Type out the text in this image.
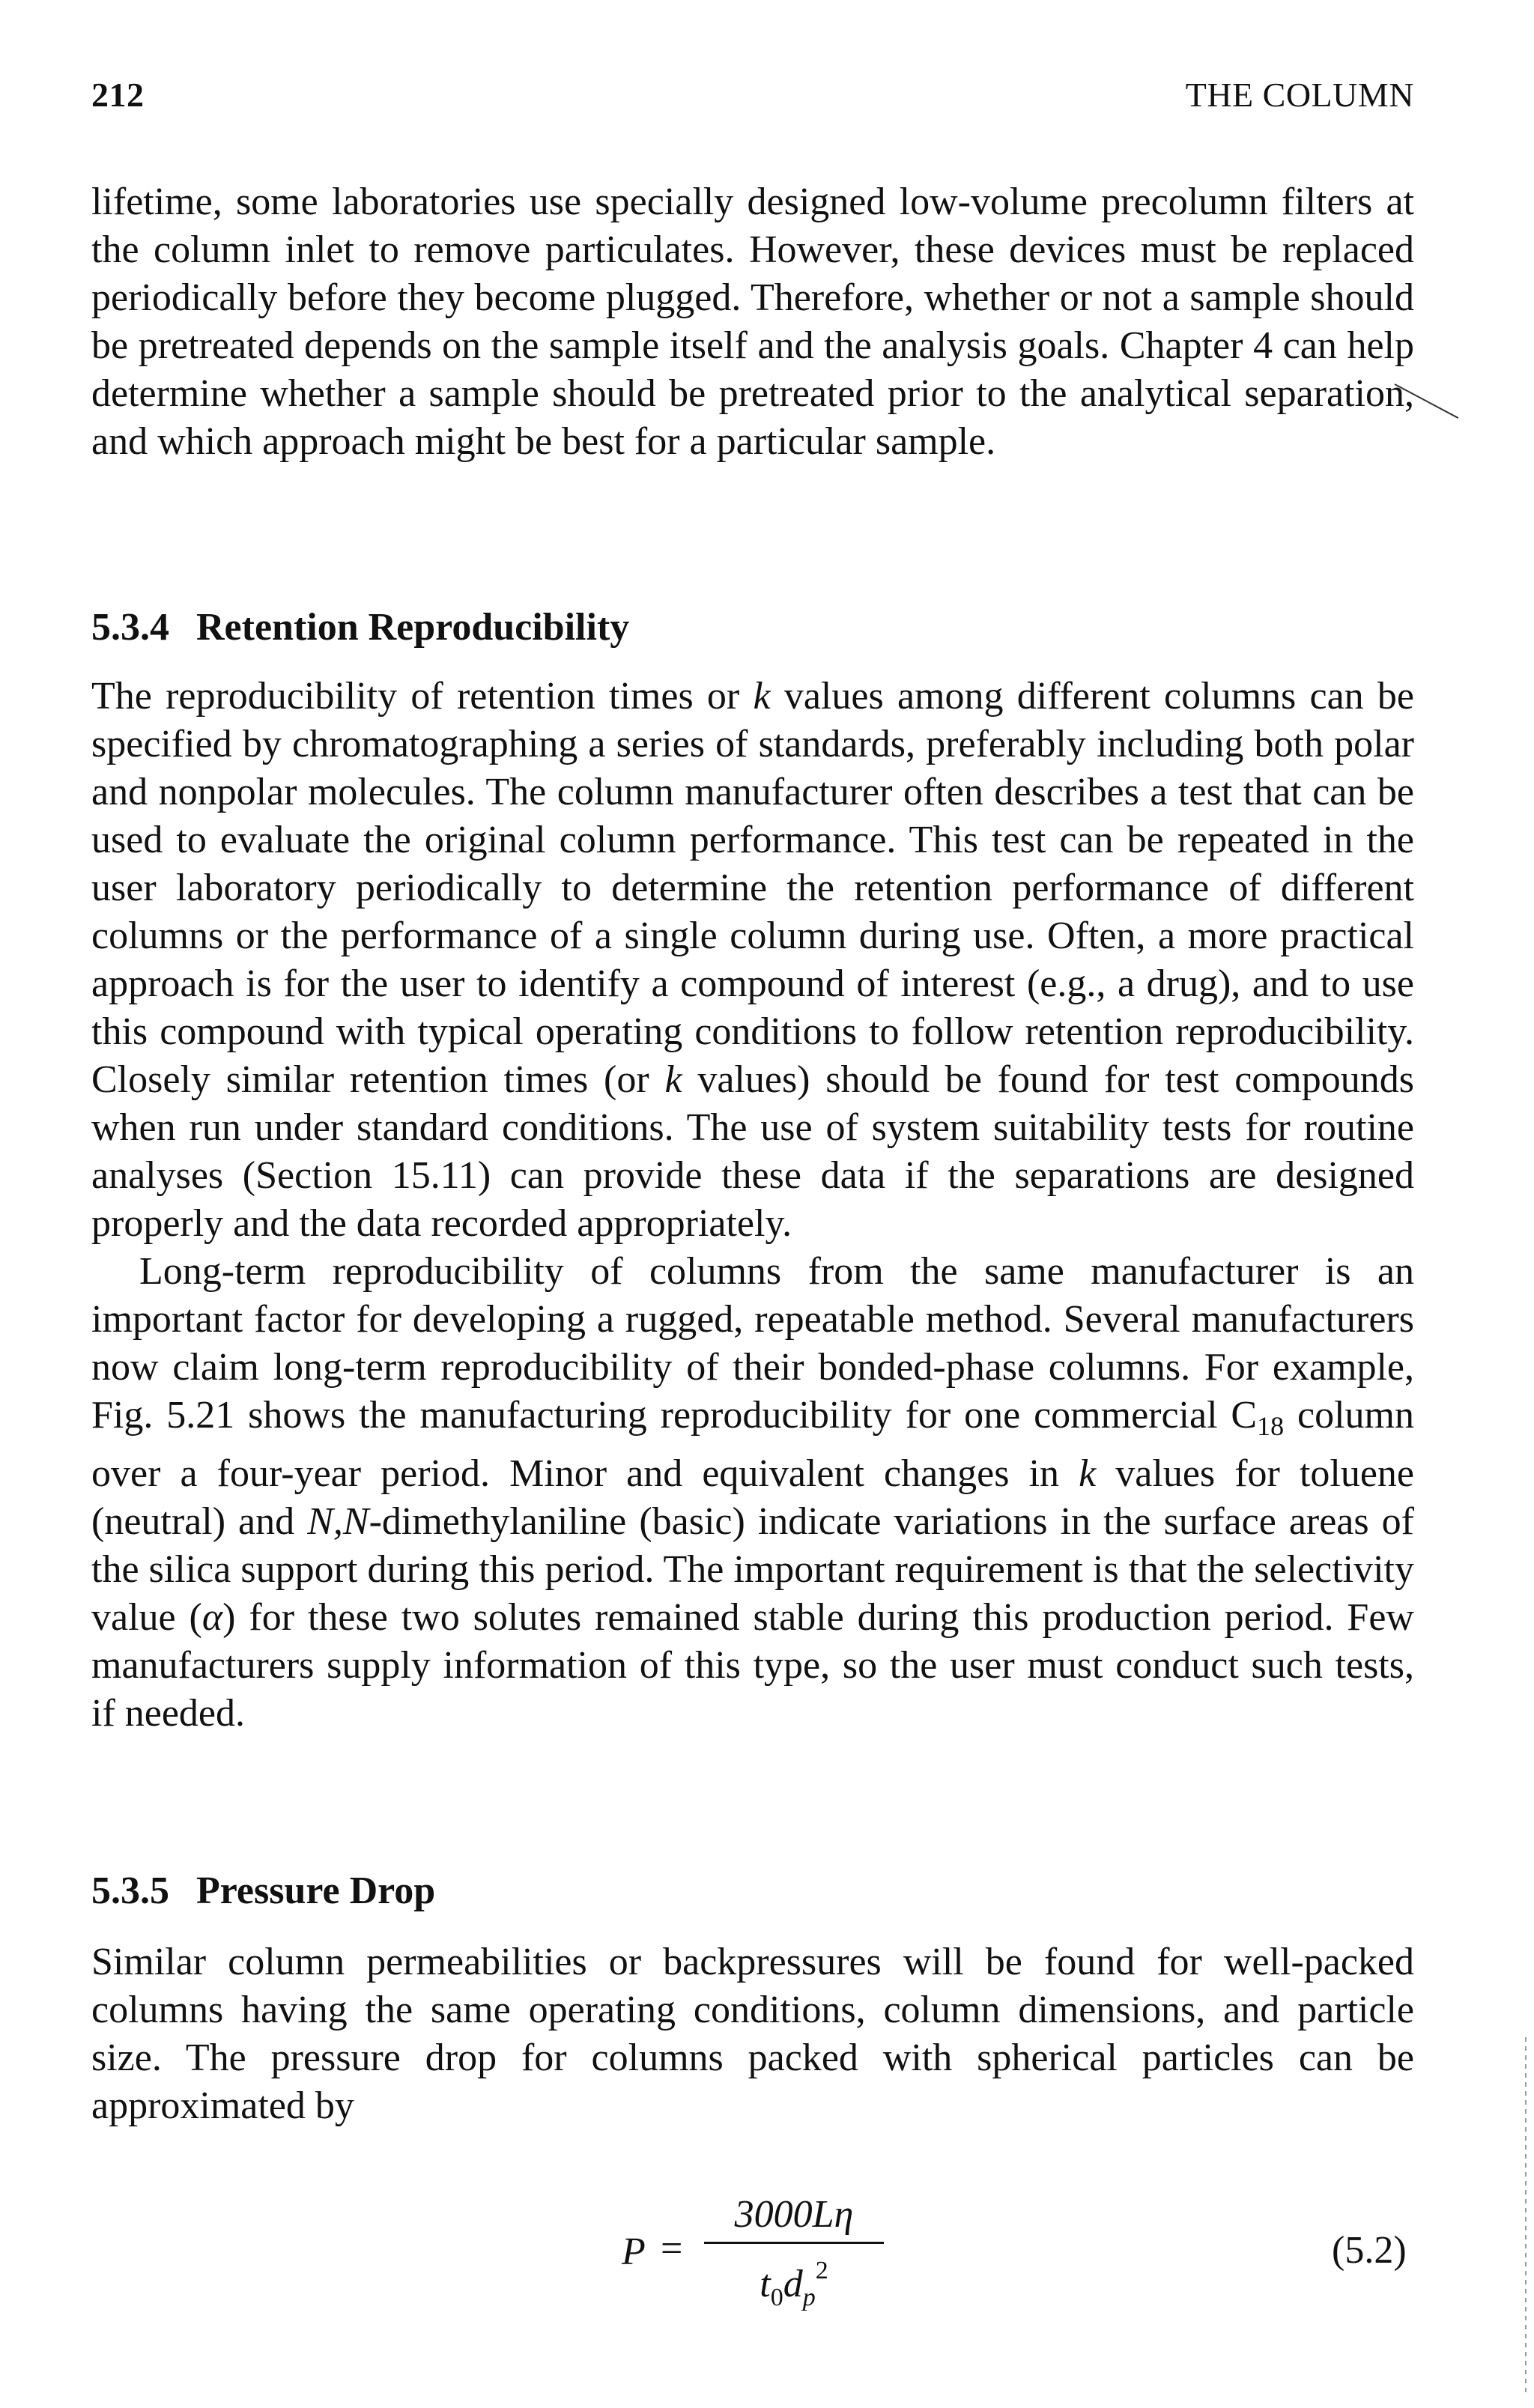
212	THE COLUMN

lifetime, some laboratories use specially designed low-volume precolumn filters at the column inlet to remove particulates. However, these devices must be replaced periodically before they become plugged. Therefore, whether or not a sample should be pretreated depends on the sample itself and the analysis goals. Chapter 4 can help determine whether a sample should be pretreated prior to the analytical separation, and which approach might be best for a particular sample.

5.3.4 Retention Reproducibility

The reproducibility of retention times or k values among different columns can be specified by chromatographing a series of standards, preferably including both polar and nonpolar molecules. The column manufacturer often describes a test that can be used to evaluate the original column performance. This test can be repeated in the user laboratory periodically to determine the retention performance of different columns or the performance of a single column during use. Often, a more practical approach is for the user to identify a compound of interest (e.g., a drug), and to use this compound with typical operating conditions to follow retention reproducibility. Closely similar retention times (or k values) should be found for test compounds when run under standard conditions. The use of system suitability tests for routine analyses (Section 15.11) can provide these data if the separations are designed properly and the data recorded appropriately.

Long-term reproducibility of columns from the same manufacturer is an important factor for developing a rugged, repeatable method. Several manufacturers now claim long-term reproducibility of their bonded-phase columns. For example, Fig. 5.21 shows the manufacturing reproducibility for one commercial $C_{18}$ column over a four-year period. Minor and equivalent changes in k values for toluene (neutral) and N,N-dimethylaniline (basic) indicate variations in the surface areas of the silica support during this period. The important requirement is that the selectivity value (α) for these two solutes remained stable during this production period. Few manufacturers supply information of this type, so the user must conduct such tests, if needed.

5.3.5 Pressure Drop

Similar column permeabilities or backpressures will be found for well-packed columns having the same operating conditions, column dimensions, and particle size. The pressure drop for columns packed with spherical particles can be approximated by

P =
3000Lη
$t_0d_p^2$	(5.2)
